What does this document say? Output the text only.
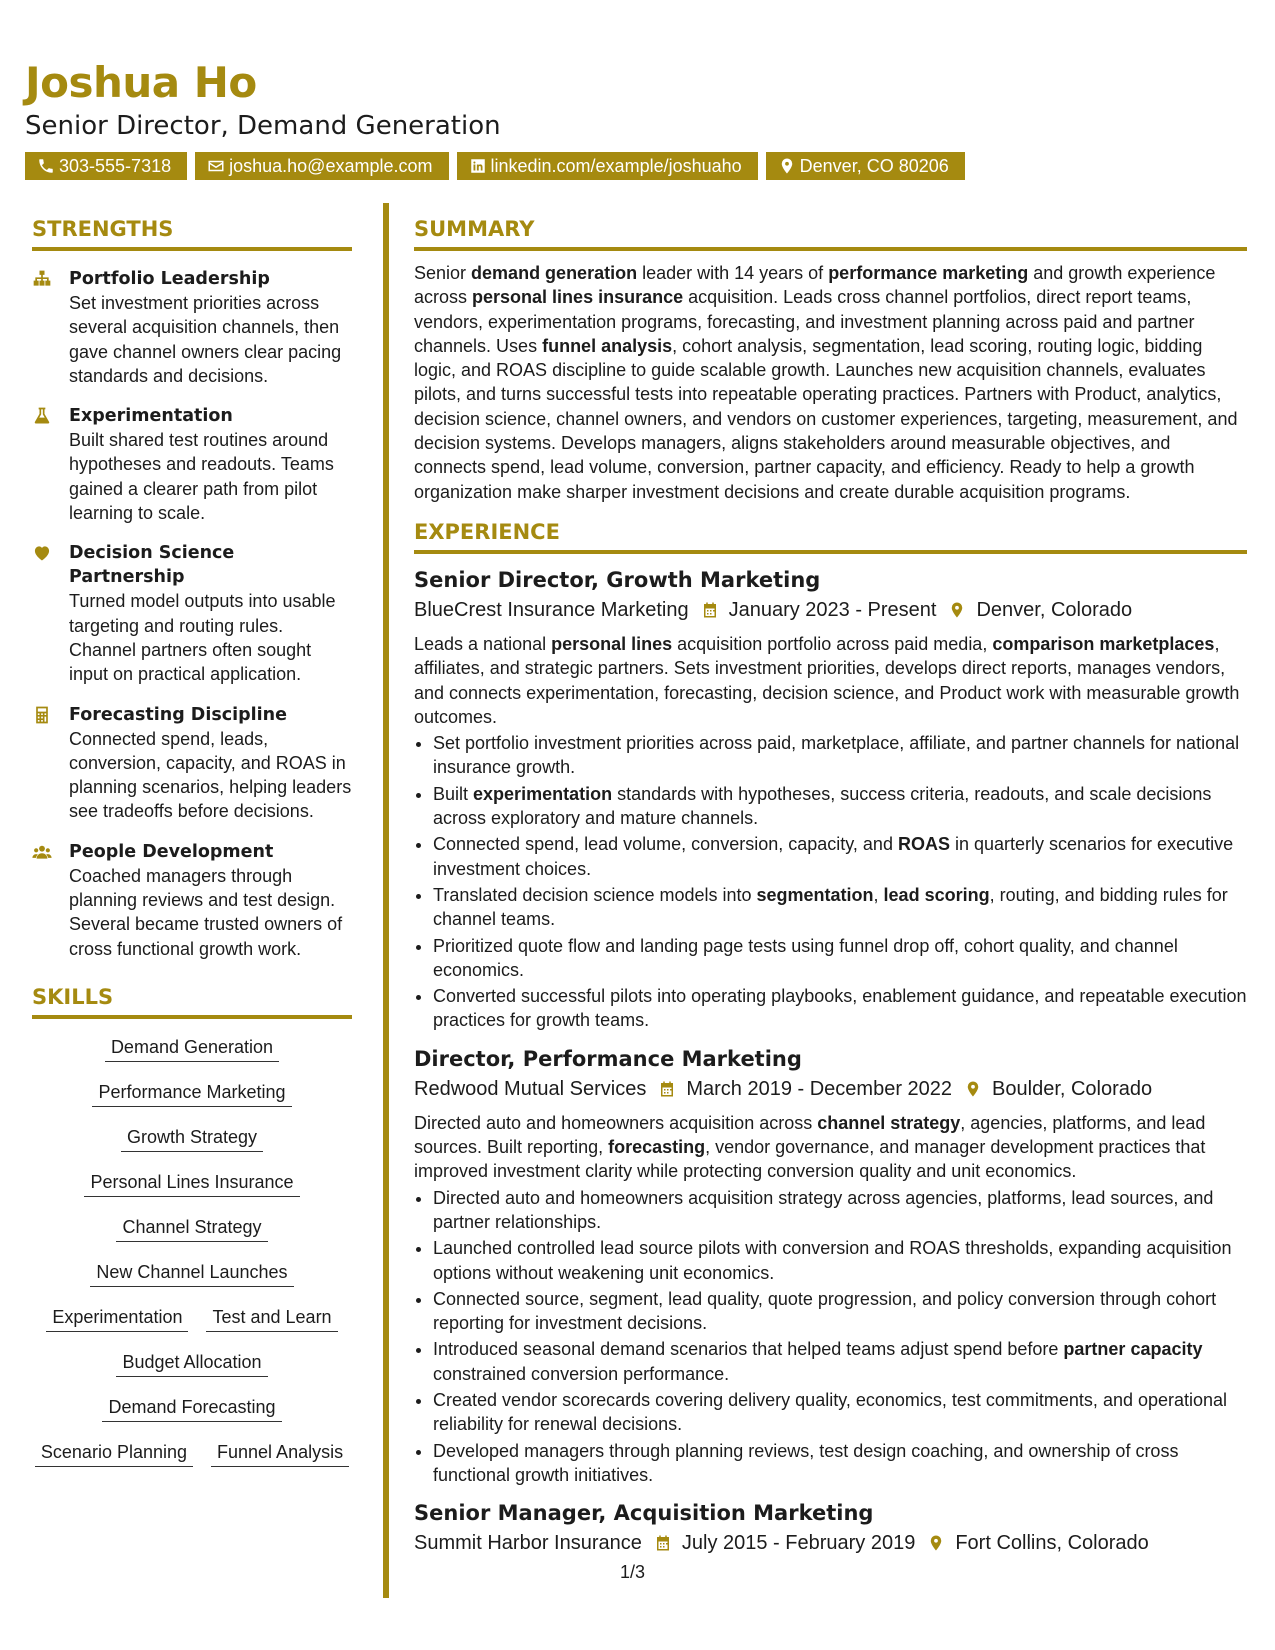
Joshua Ho
Senior Director, Demand Generation
303-555-7318	joshua.ho@example.com	linkedin.com/example/joshuaho	Denver, CO 80206
STRENGTHS
Portfolio Leadership
Set investment priorities across several acquisition channels, then gave channel owners clear pacing standards and decisions.
Experimentation
Built shared test routines around hypotheses and readouts. Teams gained a clearer path from pilot learning to scale.
Decision Science Partnership
Turned model outputs into usable targeting and routing rules. Channel partners often sought input on practical application.
Forecasting Discipline
Connected spend, leads, conversion, capacity, and ROAS in planning scenarios, helping leaders see tradeoffs before decisions.
People Development
Coached managers through planning reviews and test design. Several became trusted owners of cross functional growth work.
SKILLS
Demand Generation
Performance Marketing
Growth Strategy
Personal Lines Insurance
Channel Strategy
New Channel Launches
Experimentation	Test and Learn
Budget Allocation
Demand Forecasting
Scenario Planning	Funnel Analysis
SUMMARY
Senior demand generation leader with 14 years of performance marketing and growth experience across personal lines insurance acquisition. Leads cross channel portfolios, direct report teams, vendors, experimentation programs, forecasting, and investment planning across paid and partner channels. Uses funnel analysis, cohort analysis, segmentation, lead scoring, routing logic, bidding logic, and ROAS discipline to guide scalable growth. Launches new acquisition channels, evaluates pilots, and turns successful tests into repeatable operating practices. Partners with Product, analytics, decision science, channel owners, and vendors on customer experiences, targeting, measurement, and decision systems. Develops managers, aligns stakeholders around measurable objectives, and connects spend, lead volume, conversion, partner capacity, and efficiency. Ready to help a growth organization make sharper investment decisions and create durable acquisition programs.
EXPERIENCE
Senior Director, Growth Marketing
BlueCrest Insurance Marketing January 2023 - Present Denver, Colorado
Leads a national personal lines acquisition portfolio across paid media, comparison marketplaces, affiliates, and strategic partners. Sets investment priorities, develops direct reports, manages vendors, and connects experimentation, forecasting, decision science, and Product work with measurable growth outcomes.
• Set portfolio investment priorities across paid, marketplace, affiliate, and partner channels for national insurance growth.
• Built experimentation standards with hypotheses, success criteria, readouts, and scale decisions across exploratory and mature channels.
• Connected spend, lead volume, conversion, capacity, and ROAS in quarterly scenarios for executive investment choices.
• Translated decision science models into segmentation, lead scoring, routing, and bidding rules for channel teams.
• Prioritized quote flow and landing page tests using funnel drop off, cohort quality, and channel economics.
• Converted successful pilots into operating playbooks, enablement guidance, and repeatable execution practices for growth teams.
Director, Performance Marketing
Redwood Mutual Services March 2019 - December 2022 Boulder, Colorado
Directed auto and homeowners acquisition across channel strategy, agencies, platforms, and lead sources. Built reporting, forecasting, vendor governance, and manager development practices that improved investment clarity while protecting conversion quality and unit economics.
• Directed auto and homeowners acquisition strategy across agencies, platforms, lead sources, and partner relationships.
• Launched controlled lead source pilots with conversion and ROAS thresholds, expanding acquisition options without weakening unit economics.
• Connected source, segment, lead quality, quote progression, and policy conversion through cohort reporting for investment decisions.
• Introduced seasonal demand scenarios that helped teams adjust spend before partner capacity constrained conversion performance.
• Created vendor scorecards covering delivery quality, economics, test commitments, and operational reliability for renewal decisions.
• Developed managers through planning reviews, test design coaching, and ownership of cross functional growth initiatives.
Senior Manager, Acquisition Marketing
Summit Harbor Insurance July 2015 - February 2019 Fort Collins, Colorado
1/3
